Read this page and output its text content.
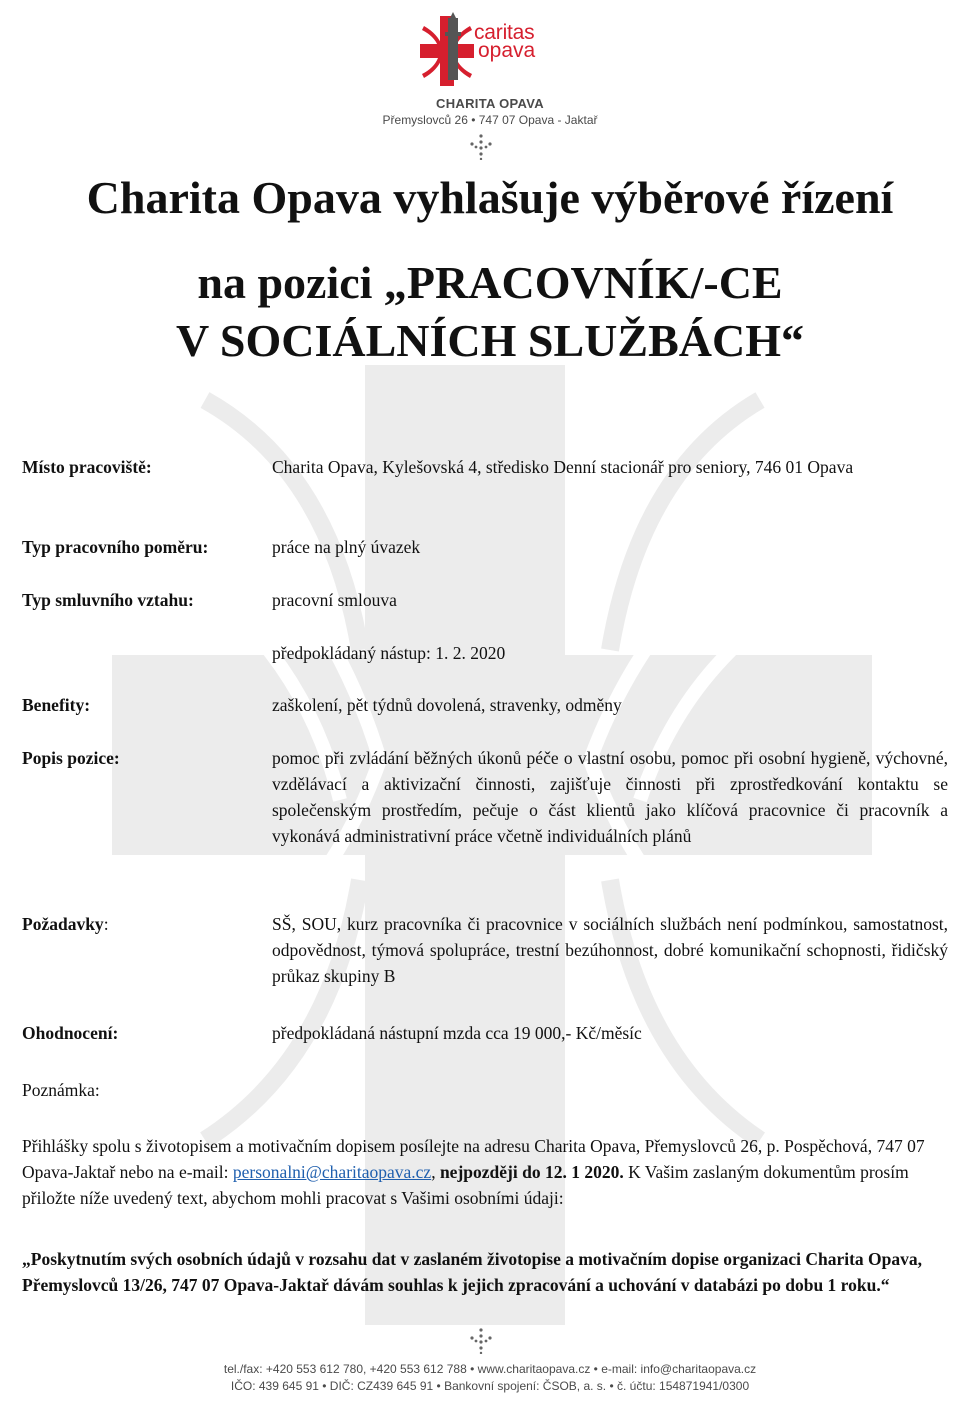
caritas
opava
CHARITA OPAVA
Přemyslovců 26 • 747 07 Opava - Jaktař
Charita Opava vyhlašuje výběrové řízení
na pozici „PRACOVNÍK/-CE
V SOCIÁLNÍCH SLUŽBÁCH“
Místo pracoviště:	Charita Opava, Kylešovská 4, středisko Denní stacionář pro seniory, 746 01 Opava
Typ pracovního poměru:	práce na plný úvazek
Typ smluvního vztahu:	pracovní smlouva
předpokládaný nástup: 1. 2. 2020
Benefity:	zaškolení, pět týdnů dovolená, stravenky, odměny
Popis pozice:	pomoc při zvládání běžných úkonů péče o vlastní osobu, pomoc při osobní hygieně, výchovné, vzdělávací a aktivizační činnosti, zajišťuje činnosti při zprostředkování kontaktu se společenským prostředím, pečuje o část klientů jako klíčová pracovnice či pracovník a vykonává administrativní práce včetně individuálních plánů
Požadavky:	SŠ, SOU, kurz pracovníka či pracovnice v sociálních službách není podmínkou, samostatnost, odpovědnost, týmová spolupráce, trestní bezúhonnost, dobré komunikační schopnosti, řidičský průkaz skupiny B
Ohodnocení:	předpokládaná nástupní mzda cca 19 000,- Kč/měsíc
Poznámka:
Přihlášky spolu s životopisem a motivačním dopisem posílejte na adresu Charita Opava, Přemyslovců 26, p. Pospěchová, 747 07 Opava-Jaktař nebo na e-mail: personalni@charitaopava.cz, nejpozději do 12. 1 2020. K Vašim zaslaným dokumentům prosím přiložte níže uvedený text, abychom mohli pracovat s Vašimi osobními údaji:
„Poskytnutím svých osobních údajů v rozsahu dat v zaslaném životopise a motivačním dopise organizaci Charita Opava, Přemyslovců 13/26, 747 07 Opava-Jaktař dávám souhlas k jejich zpracování a uchování v databázi po dobu 1 roku.“
tel./fax: +420 553 612 780, +420 553 612 788 • www.charitaopava.cz • e-mail: info@charitaopava.cz
IČO: 439 645 91 • DIČ: CZ439 645 91 • Bankovní spojení: ČSOB, a. s. • č. účtu: 154871941/0300
